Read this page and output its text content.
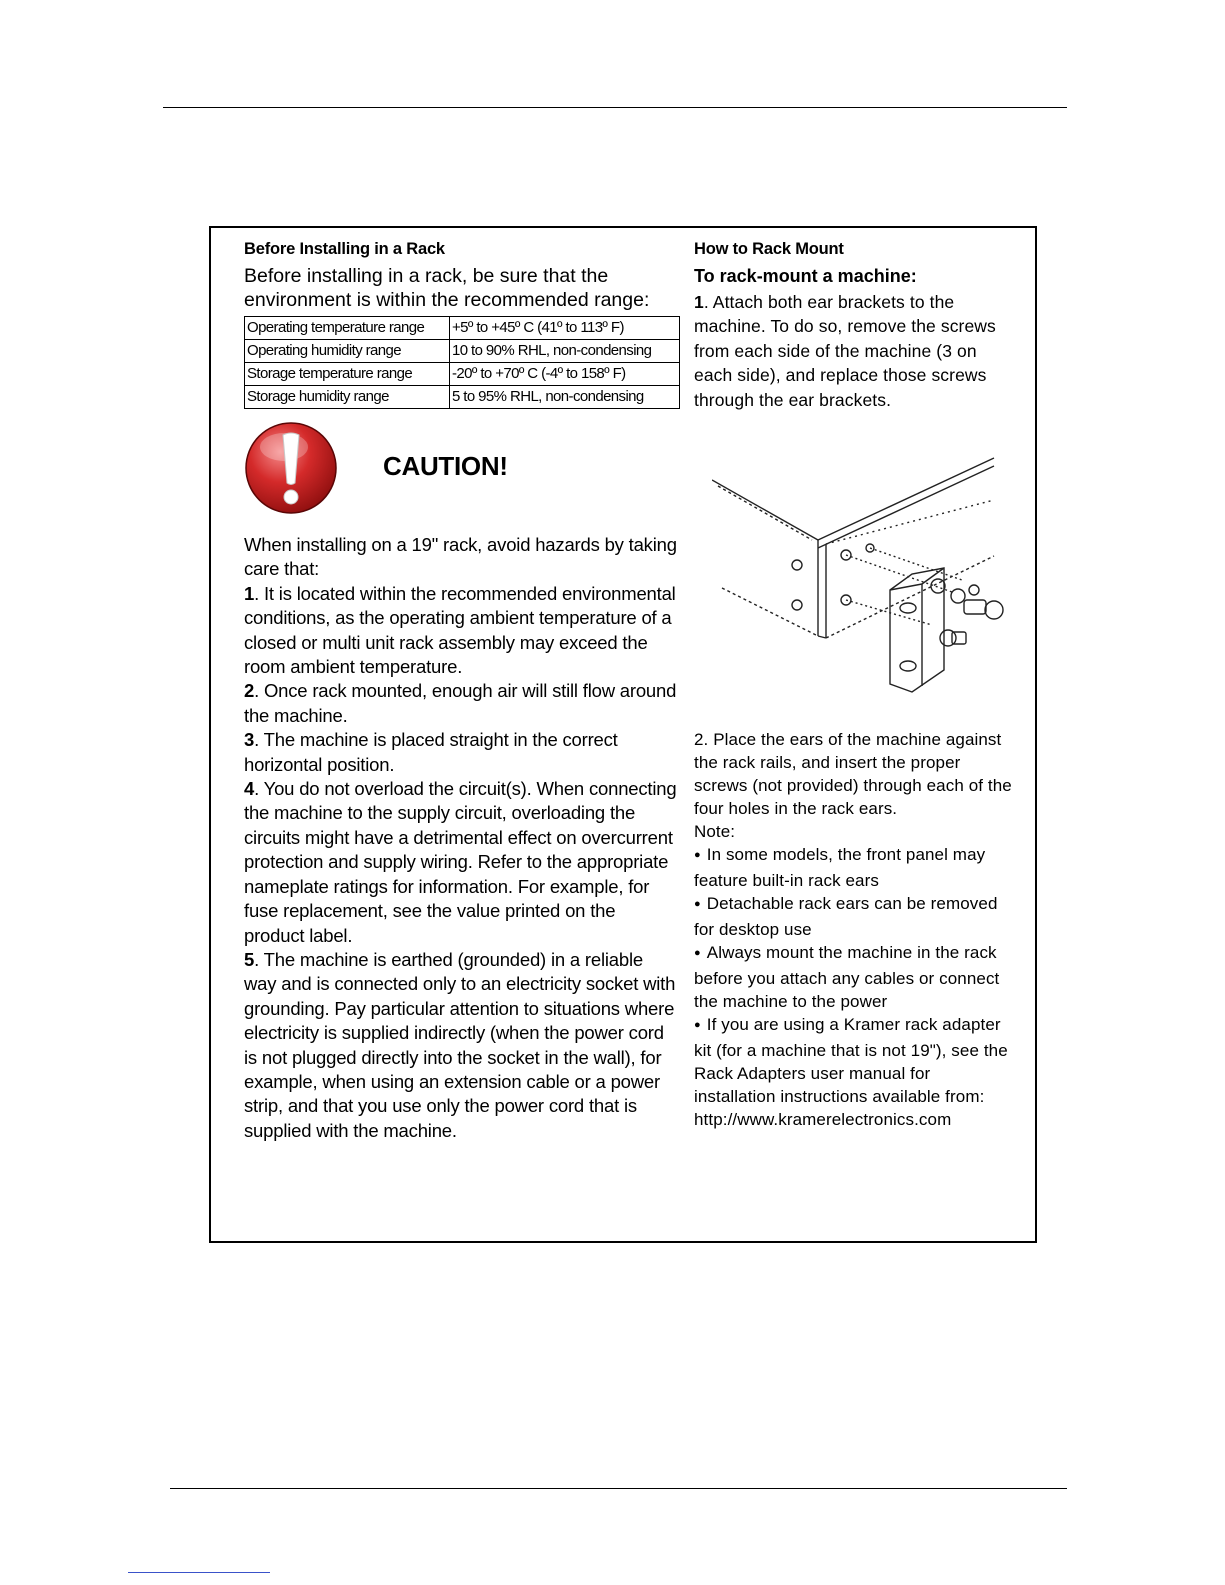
Before Installing in a Rack
Before installing in a rack, be sure that the environment is within the recommended range:
Operating temperature range	+5º to +45º C (41º to 113º F)
Operating humidity range	10 to 90% RHL, non-condensing
Storage temperature range	-20º to +70º C (-4º to 158º F)
Storage humidity range	5 to 95% RHL, non-condensing
CAUTION!

When installing on a 19" rack, avoid hazards by taking care that:

1. It is located within the recommended environmental conditions, as the operating ambient temperature of a closed or multi unit rack assembly may exceed the room ambient temperature.

2. Once rack mounted, enough air will still flow around the machine.

3. The machine is placed straight in the correct horizontal position.

4. You do not overload the circuit(s). When connecting the machine to the supply circuit, overloading the circuits might have a detrimental effect on overcurrent protection and supply wiring. Refer to the appropriate nameplate ratings for information. For example, for fuse replacement, see the value printed on the product label.

5. The machine is earthed (grounded) in a reliable way and is connected only to an electricity socket with grounding. Pay particular attention to situations where electricity is supplied indirectly (when the power cord is not plugged directly into the socket in the wall), for example, when using an extension cable or a power strip, and that you use only the power cord that is supplied with the machine.

How to Rack Mount
To rack-mount a machine:

1. Attach both ear brackets to the machine. To do so, remove the screws from each side of the machine (3 on each side), and replace those screws through the ear brackets.

2. Place the ears of the machine against the rack rails, and insert the proper screws (not provided) through each of the four holes in the rack ears.

Note:

● In some models, the front panel may feature built-in rack ears

● Detachable rack ears can be removed for desktop use

● Always mount the machine in the rack before you attach any cables or connect the machine to the power

● If you are using a Kramer rack adapter kit (for a machine that is not 19"), see the Rack Adapters user manual for installation instructions available from:

http://www.kramerelectronics.com
